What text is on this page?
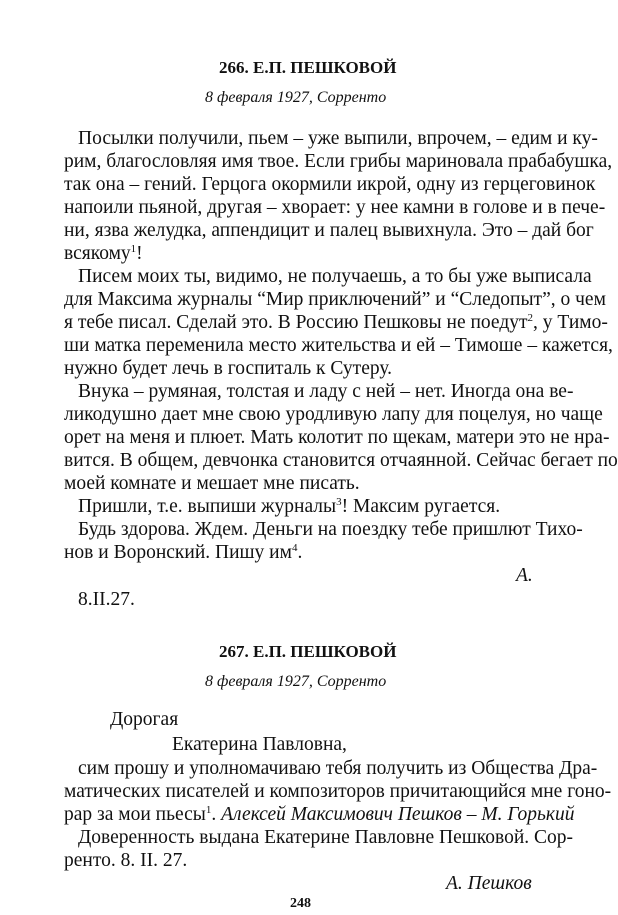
266. Е.П. ПЕШКОВОЙ
8 февраля 1927, Сорренто
Посылки получили, пьем – уже выпили, впрочем, – едим и ку-
рим, благословляя имя твое. Если грибы мариновала прабабушка,
так она – гений. Герцога окормили икрой, одну из герцеговинок
напоили пьяной, другая – хворает: у нее камни в голове и в пече-
ни, язва желудка, аппендицит и палец вывихнула. Это – дай бог
всякому$^1$!
Писем моих ты, видимо, не получаешь, а то бы уже выписала
для Максима журналы “Мир приключений” и “Следопыт”, о чем
я тебе писал. Сделай это. В Россию Пешковы не поедут$^2$, у Тимо-
ши матка переменила место жительства и ей – Тимоше – кажется,
нужно будет лечь в госпиталь к Сутеру.
Внука – румяная, толстая и ладу с ней – нет. Иногда она ве-
ликодушно дает мне свою уродливую лапу для поцелуя, но чаще
орет на меня и плюет. Мать колотит по щекам, матери это не нра-
вится. В общем, девчонка становится отчаянной. Сейчас бегает по
моей комнате и мешает мне писать.
Пришли, т.е. выпиши журналы$^3$! Максим ругается.
Будь здорова. Ждем. Деньги на поездку тебе пришлют Тихо-
нов и Воронский. Пишу $им^4$.
А.
8.II.27.
267. Е.П. ПЕШКОВОЙ
8 февраля 1927, Сорренто
Дорогая
Екатерина Павловна,
сим прошу и уполномачиваю тебя получить из Общества Дра-
матических писателей и композиторов причитающийся мне гоно-
рар за мои пьесы$^1$. Алексей Максимович Пешков – М. Горький
Доверенность выдана Екатерине Павловне Пешковой. Сор-
ренто. 8. II. 27.
А. Пешков
248
